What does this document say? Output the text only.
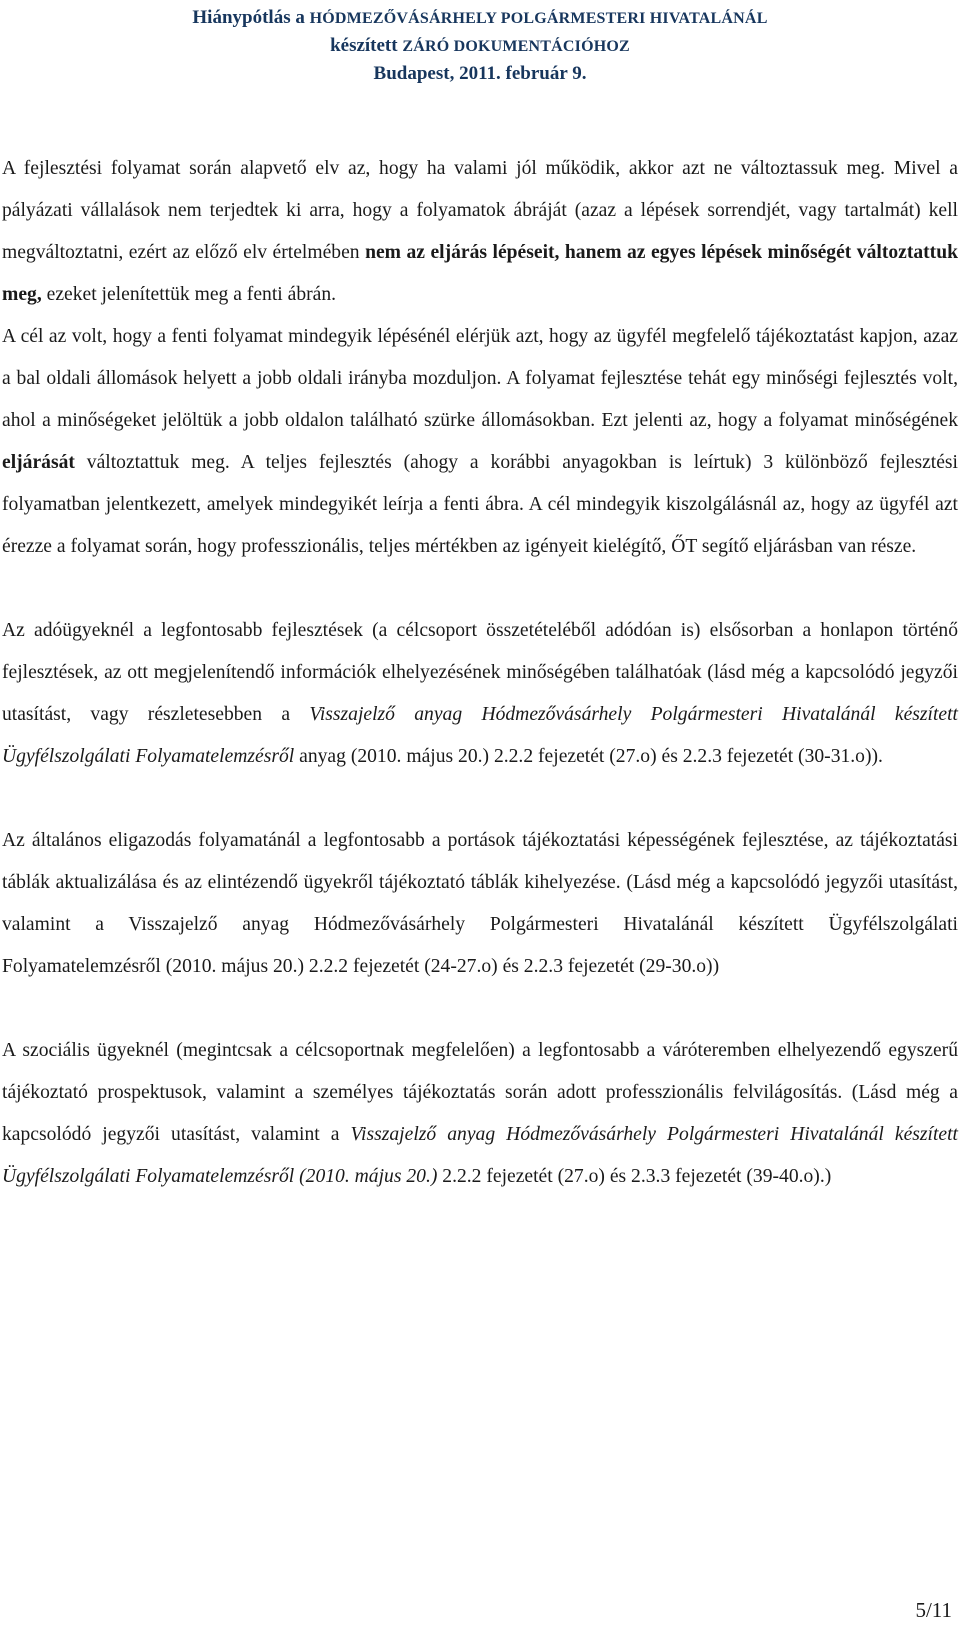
Hiánypótlás a HÓDMEZŐVÁSÁRHELY POLGÁRMESTERI HIVATALÁNÁL
készített ZÁRÓ DOKUMENTÁCIÓHOZ
Budapest, 2011. február 9.

A fejlesztési folyamat során alapvető elv az, hogy ha valami jól működik, akkor azt ne változtassuk meg. Mivel a pályázati vállalások nem terjedtek ki arra, hogy a folyamatok ábráját (azaz a lépések sorrendjét, vagy tartalmát) kell megváltoztatni, ezért az előző elv értelmében nem az eljárás lépéseit, hanem az egyes lépések minőségét változtattuk meg, ezeket jelenítettük meg a fenti ábrán.

A cél az volt, hogy a fenti folyamat mindegyik lépésénél elérjük azt, hogy az ügyfél megfelelő tájékoztatást kapjon, azaz a bal oldali állomások helyett a jobb oldali irányba mozduljon. A folyamat fejlesztése tehát egy minőségi fejlesztés volt, ahol a minőségeket jelöltük a jobb oldalon található szürke állomásokban. Ezt jelenti az, hogy a folyamat minőségének eljárását változtattuk meg. A teljes fejlesztés (ahogy a korábbi anyagokban is leírtuk) 3 különböző fejlesztési folyamatban jelentkezett, amelyek mindegyikét leírja a fenti ábra. A cél mindegyik kiszolgálásnál az, hogy az ügyfél azt érezze a folyamat során, hogy professzionális, teljes mértékben az igényeit kielégítő, ŐT segítő eljárásban van része.

Az adóügyeknél a legfontosabb fejlesztések (a célcsoport összetételéből adódóan is) elsősorban a honlapon történő fejlesztések, az ott megjelenítendő információk elhelyezésének minőségében találhatóak (lásd még a kapcsolódó jegyzői utasítást, vagy részletesebben a Visszajelző anyag Hódmezővásárhely Polgármesteri Hivatalánál készített Ügyfélszolgálati Folyamatelemzésről anyag (2010. május 20.) 2.2.2 fejezetét (27.o) és 2.2.3 fejezetét (30-31.o)).

Az általános eligazodás folyamatánál a legfontosabb a portások tájékoztatási képességének fejlesztése, az tájékoztatási táblák aktualizálása és az elintézendő ügyekről tájékoztató táblák kihelyezése. (Lásd még a kapcsolódó jegyzői utasítást, valamint a Visszajelző anyag Hódmezővásárhely Polgármesteri Hivatalánál készített Ügyfélszolgálati Folyamatelemzésről (2010. május 20.) 2.2.2 fejezetét (24-27.o) és 2.2.3 fejezetét (29-30.o))

A szociális ügyeknél (megintcsak a célcsoportnak megfelelően) a legfontosabb a váróteremben elhelyezendő egyszerű tájékoztató prospektusok, valamint a személyes tájékoztatás során adott professzionális felvilágosítás. (Lásd még a kapcsolódó jegyzői utasítást, valamint a Visszajelző anyag Hódmezővásárhely Polgármesteri Hivatalánál készített Ügyfélszolgálati Folyamatelemzésről (2010. május 20.) 2.2.2 fejezetét (27.o) és 2.3.3 fejezetét (39-40.o).)

5/11
